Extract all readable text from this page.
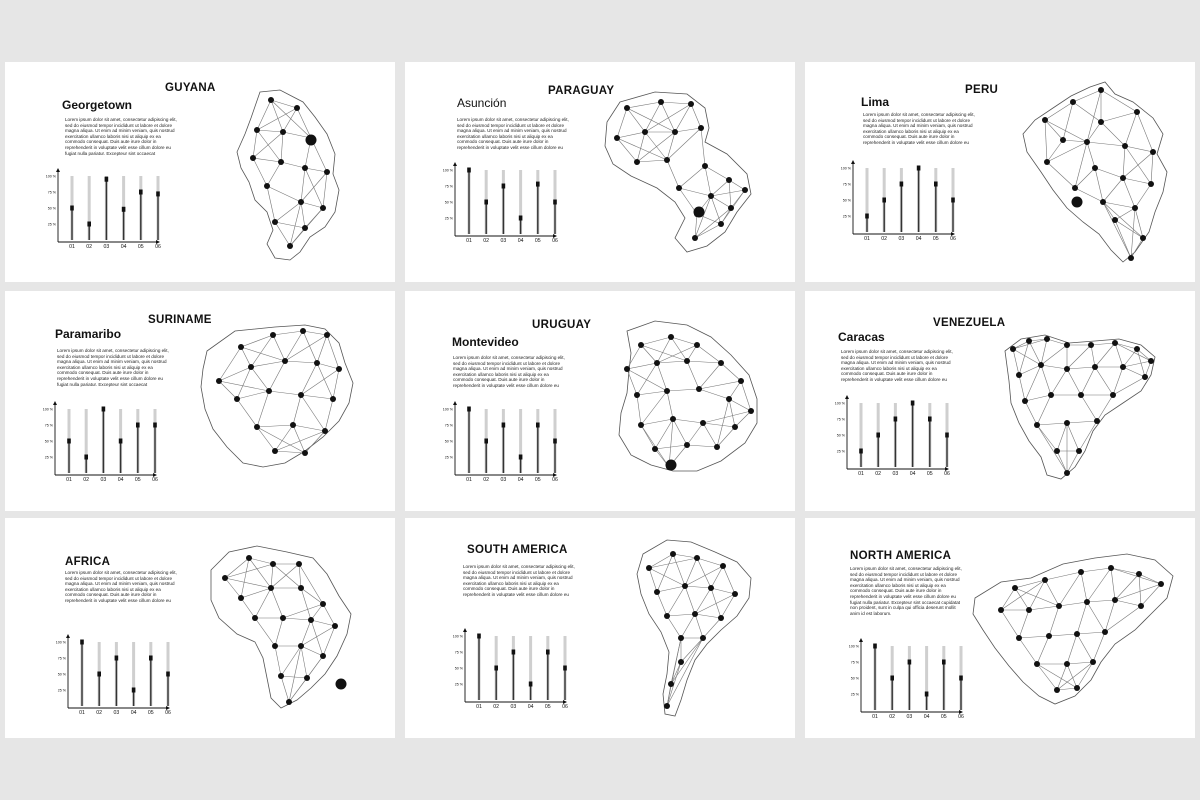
GUYANA
Georgetown
Lorem ipsum dolor sit amet, consectetur adipiscing elit, sed do eiusmod tempor incididunt ut labore et dolore magna aliqua. Ut enim ad minim veniam, quis nostrud exercitation ullamco laboris nisi ut aliquip ex ea commodo consequat. Duis aute irure dolor in reprehenderit in voluptate velit esse cillum dolore eu fugiat nulla pariatur. Excepteur sint occaecat
100 %
75 %
50 %
25 %
01 02 03 04 05 06
PARAGUAY
Asunción
Lorem ipsum dolor sit amet, consectetur adipiscing elit, sed do eiusmod tempor incididunt ut labore et dolore magna aliqua. Ut enim ad minim veniam, quis nostrud exercitation ullamco laboris nisi ut aliquip ex ea commodo consequat. Duis aute irure dolor in reprehenderit in voluptate velit esse cillum dolore eu
100 %
75 %
50 %
25 %
01 02 03 04 05 06
PERU
Lima
Lorem ipsum dolor sit amet, consectetur adipiscing elit, sed do eiusmod tempor incididunt ut labore et dolore magna aliqua. Ut enim ad minim veniam, quis nostrud exercitation ullamco laboris nisi ut aliquip ex ea commodo consequat. Duis aute irure dolor in reprehenderit in voluptate velit esse cillum dolore eu
100 %
75 %
50 %
25 %
01 02 03 04 05 06
SURINAME
Paramaribo
Lorem ipsum dolor sit amet, consectetur adipiscing elit, sed do eiusmod tempor incididunt ut labore et dolore magna aliqua. Ut enim ad minim veniam, quis nostrud exercitation ullamco laboris nisi ut aliquip ex ea commodo consequat. Duis aute irure dolor in reprehenderit in voluptate velit esse cillum dolore eu fugiat nulla pariatur. Excepteur sint occaecat
100 %
75 %
50 %
25 %
01 02 03 04 05 06
URUGUAY
Montevideo
Lorem ipsum dolor sit amet, consectetur adipiscing elit, sed do eiusmod tempor incididunt ut labore et dolore magna aliqua. Ut enim ad minim veniam, quis nostrud exercitation ullamco laboris nisi ut aliquip ex ea commodo consequat. Duis aute irure dolor in reprehenderit in voluptate velit esse cillum dolore eu
100 %
75 %
50 %
25 %
01 02 03 04 05 06
VENEZUELA
Caracas
Lorem ipsum dolor sit amet, consectetur adipiscing elit, sed do eiusmod tempor incididunt ut labore et dolore magna aliqua. Ut enim ad minim veniam, quis nostrud exercitation ullamco laboris nisi ut aliquip ex ea commodo consequat. Duis aute irure dolor in reprehenderit in voluptate velit esse cillum dolore eu
100 %
75 %
50 %
25 %
01 02 03 04 05 06
AFRICA
Lorem ipsum dolor sit amet, consectetur adipiscing elit, sed do eiusmod tempor incididunt ut labore et dolore magna aliqua. Ut enim ad minim veniam, quis nostrud exercitation ullamco laboris nisi ut aliquip ex ea commodo consequat. Duis aute irure dolor in reprehenderit in voluptate velit esse cillum dolore eu
100 %
75 %
50 %
25 %
01 02 03 04 05 06
SOUTH AMERICA
Lorem ipsum dolor sit amet, consectetur adipiscing elit, sed do eiusmod tempor incididunt ut labore et dolore magna aliqua. Ut enim ad minim veniam, quis nostrud exercitation ullamco laboris nisi ut aliquip ex ea commodo consequat. Duis aute irure dolor in reprehenderit in voluptate velit esse cillum dolore eu
100 %
75 %
50 %
25 %
01 02 03 04 05 06
NORTH AMERICA
Lorem ipsum dolor sit amet, consectetur adipiscing elit, sed do eiusmod tempor incididunt ut labore et dolore magna aliqua. Ut enim ad minim veniam, quis nostrud exercitation ullamco laboris nisi ut aliquip ex ea commodo consequat. Duis aute irure dolor in reprehenderit in voluptate velit esse cillum dolore eu fugiat nulla pariatur. Excepteur sint occaecat cupidatat non proident, sunt in culpa qui officia deserunt mollit anim id est laborum.
100 %
75 %
50 %
25 %
01 02 03 04 05 06
